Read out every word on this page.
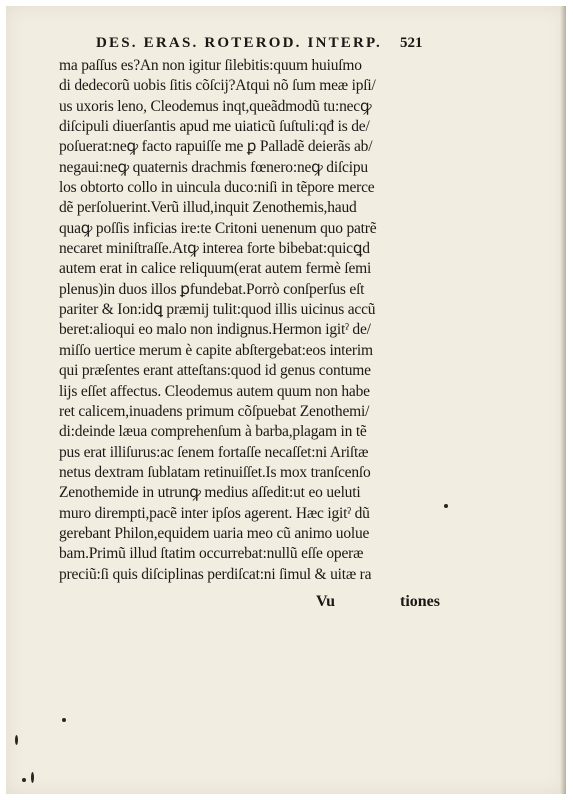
DES. ERAS. ROTEROD. INTERP. 521
ma paſſus es?An non igitur ſilebitis:quum huiuſmo
di dedecorũ uobis ſitis cõſcij?Atqui nõ ſum meæ ipſi/
us uxoris leno, Cleodemus inqt,queãdmodũ tu:necꝙ
diſcipuli diuerſantis apud me uiaticũ ſuſtuli:qđ is de/
poſuerat:neꝙ facto rapuiſſe me ꝑ Palladẽ deierãs ab/
negaui:neꝙ quaternis drachmis fœnero:neꝙ diſcipu
los obtorto collo in uincula duco:niſi in tẽpore merce
dẽ perſoluerint.Verũ illud,inquit Zenothemis,haud
quaꝙ poſſis inficias ire:te Critoni uenenum quo patrẽ
necaret miniſtraſſe.Atꝙ interea forte bibebat:quicꝗd
autem erat in calice reliquum(erat autem fermè ſemi
plenus)in duos illos ꝑfundebat.Porrò conſperſus eſt
pariter & Ion:idꝗ præmij tulit:quod illis uicinus accũ
beret:alioqui eo malo non indignus.Hermon igitˀ de/
miſſo uertice merum è capite abſtergebat:eos interim
qui præſentes erant atteſtans:quod id genus contume
lijs eſſet affectus. Cleodemus autem quum non habe
ret calicem,inuadens primum cõſpuebat Zenothemi/
di:deinde læua comprehenſum à barba,plagam in tẽ
pus erat illiſurus:ac ſenem fortaſſe necaſſet:ni Ariſtæ
netus dextram ſublatam retinuiſſet.Is mox tranſcenſo
Zenothemide in utrunꝙ medius aſſedit:ut eo ueluti
muro dirempti,pacẽ inter ipſos agerent. Hæc igitˀ dũ
gerebant Philon,equidem uaria meo cũ animo uolue
bam.Primũ illud ſtatim occurrebat:nullũ eſſe operæ
preciũ:ſi quis diſciplinas perdiſcat:ni ſimul & uitæ ra
Vu	tiones
